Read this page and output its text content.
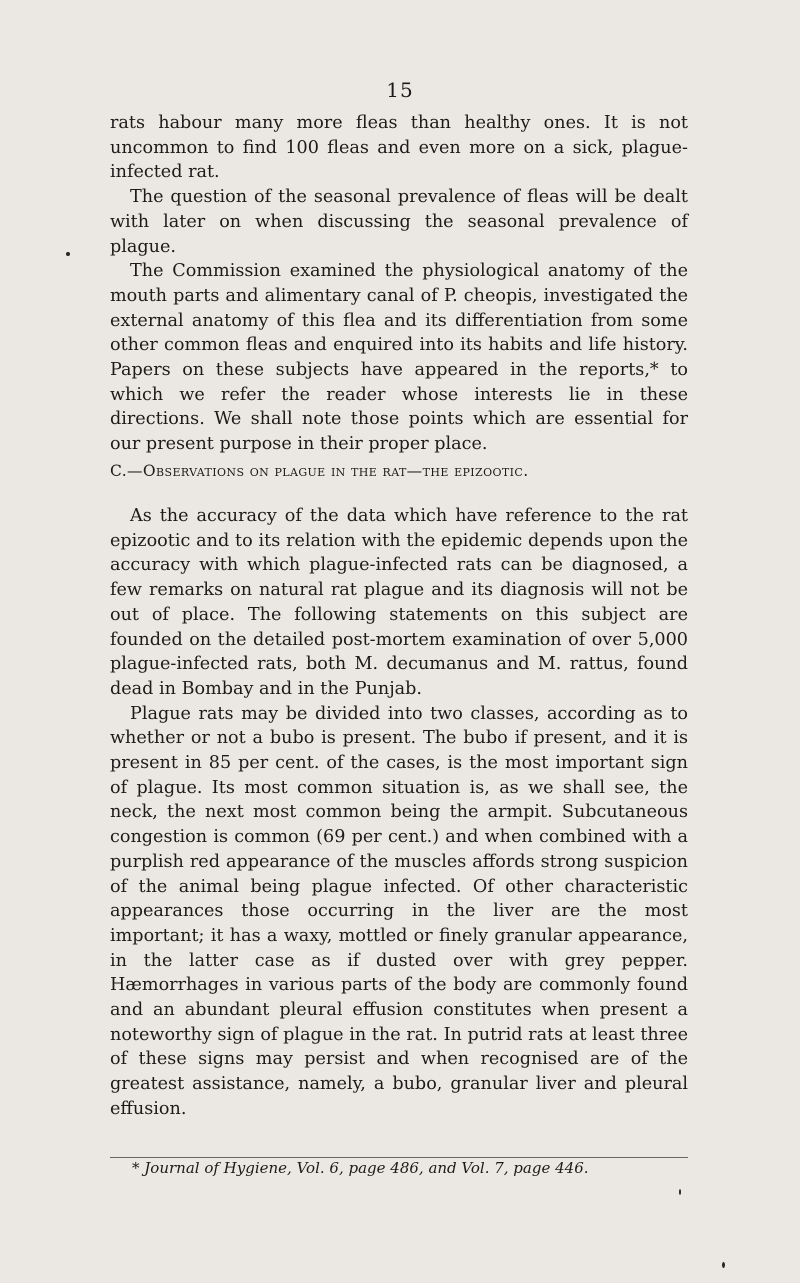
15

rats habour many more fleas than healthy ones. It is not uncommon to find 100 fleas and even more on a sick, plague-infected rat.

The question of the seasonal prevalence of fleas will be dealt with later on when discussing the seasonal prevalence of plague.

The Commission examined the physiological anatomy of the mouth parts and alimentary canal of P. cheopis, investigated the external anatomy of this flea and its differentiation from some other common fleas and enquired into its habits and life history. Papers on these subjects have appeared in the reports,* to which we refer the reader whose interests lie in these directions. We shall note those points which are essential for our present purpose in their proper place.

C.—Observations on plague in the rat—the epizootic.

As the accuracy of the data which have reference to the rat epizootic and to its relation with the epidemic depends upon the accuracy with which plague-infected rats can be diagnosed, a few remarks on natural rat plague and its diagnosis will not be out of place. The following statements on this subject are founded on the detailed post-mortem examination of over 5,000 plague-infected rats, both M. decumanus and M. rattus, found dead in Bombay and in the Punjab.

Plague rats may be divided into two classes, according as to whether or not a bubo is present. The bubo if present, and it is present in 85 per cent. of the cases, is the most important sign of plague. Its most common situation is, as we shall see, the neck, the next most common being the armpit. Subcutaneous congestion is common (69 per cent.) and when combined with a purplish red appearance of the muscles affords strong suspicion of the animal being plague infected. Of other characteristic appearances those occurring in the liver are the most important; it has a waxy, mottled or finely granular appearance, in the latter case as if dusted over with grey pepper. Hæmorrhages in various parts of the body are commonly found and an abundant pleural effusion constitutes when present a noteworthy sign of plague in the rat. In putrid rats at least three of these signs may persist and when recognised are of the greatest assistance, namely, a bubo, granular liver and pleural effusion.

* Journal of Hygiene, Vol. 6, page 486, and Vol. 7, page 446.
